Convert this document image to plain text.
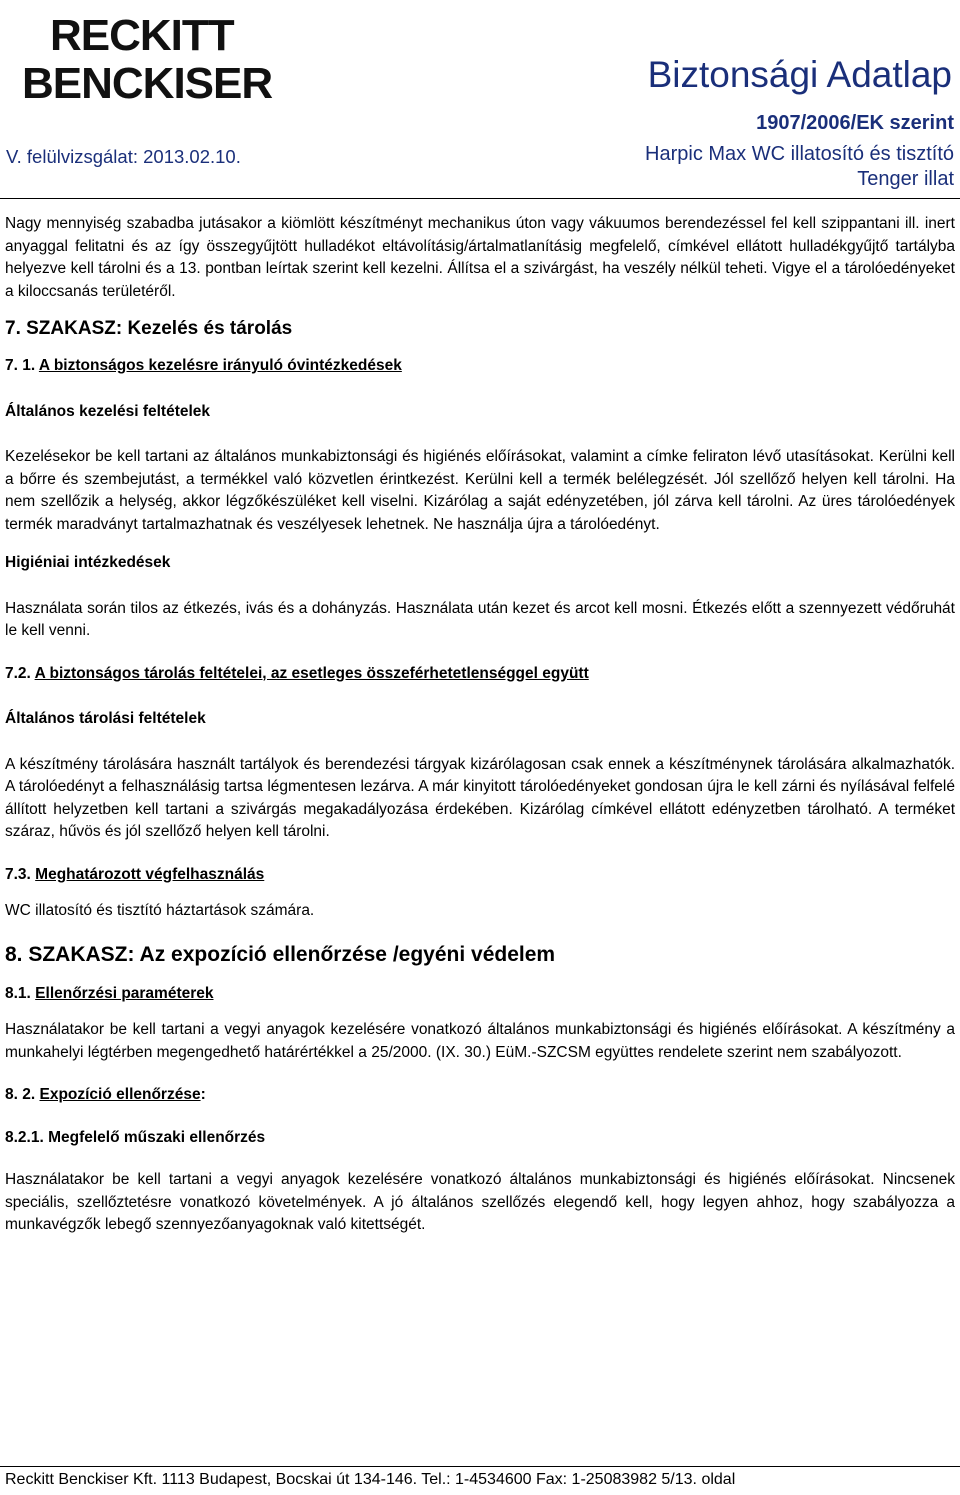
RECKITT
BENCKISER
V. felülvizsgálat: 2013.02.10.
Biztonsági Adatlap
1907/2006/EK szerint
Harpic Max WC illatosító és tisztító
Tenger illat

Nagy mennyiség szabadba jutásakor a kiömlött készítményt mechanikus úton vagy vákuumos berendezéssel fel kell szippantani ill. inert anyaggal felitatni és az így összegyűjtött hulladékot eltávolításig/ártalmatlanításig megfelelő, címkével ellátott hulladékgyűjtő tartályba helyezve kell tárolni és a 13. pontban leírtak szerint kell kezelni. Állítsa el a szivárgást, ha veszély nélkül teheti. Vigye el a tárolóedényeket a kiloccsanás területéről.

7. SZAKASZ: Kezelés és tárolás
7. 1. A biztonságos kezelésre irányuló óvintézkedések
Általános kezelési feltételek

Kezelésekor be kell tartani az általános munkabiztonsági és higiénés előírásokat, valamint a címke feliraton lévő utasításokat. Kerülni kell a bőrre és szembejutást, a termékkel való közvetlen érintkezést. Kerülni kell a termék belélegzését. Jól szellőző helyen kell tárolni. Ha nem szellőzik a helység, akkor légzőkészüléket kell viselni. Kizárólag a saját edényzetében, jól zárva kell tárolni. Az üres tárolóedények termék maradványt tartalmazhatnak és veszélyesek lehetnek. Ne használja újra a tárolóedényt.

Higiéniai intézkedések

Használata során tilos az étkezés, ivás és a dohányzás. Használata után kezet és arcot kell mosni. Étkezés előtt a szennyezett védőruhát le kell venni.

7.2. A biztonságos tárolás feltételei, az esetleges összeférhetetlenséggel együtt
Általános tárolási feltételek

A készítmény tárolására használt tartályok és berendezési tárgyak kizárólagosan csak ennek a készítménynek tárolására alkalmazhatók. A tárolóedényt a felhasználásig tartsa légmentesen lezárva. A már kinyitott tárolóedényeket gondosan újra le kell zárni és nyílásával felfelé állított helyzetben kell tartani a szivárgás megakadályozása érdekében. Kizárólag címkével ellátott edényzetben tárolható. A terméket száraz, hűvös és jól szellőző helyen kell tárolni.

7.3. Meghatározott végfelhasználás

WC illatosító és tisztító háztartások számára.

8. SZAKASZ: Az expozíció ellenőrzése /egyéni védelem
8.1. Ellenőrzési paraméterek

Használatakor be kell tartani a vegyi anyagok kezelésére vonatkozó általános munkabiztonsági és higiénés előírásokat. A készítmény a munkahelyi légtérben megengedhető határértékkel a 25/2000. (IX. 30.) EüM.-SZCSM együttes rendelete szerint nem szabályozott.

8. 2. Expozíció ellenőrzése:
8.2.1. Megfelelő műszaki ellenőrzés

Használatakor be kell tartani a vegyi anyagok kezelésére vonatkozó általános munkabiztonsági és higiénés előírásokat. Nincsenek speciális, szellőztetésre vonatkozó követelmények. A jó általános szellőzés elegendő kell, hogy legyen ahhoz, hogy szabályozza a munkavégzők lebegő szennyezőanyagoknak való kitettségét.

Reckitt Benckiser Kft. 1113 Budapest, Bocskai út 134-146. Tel.: 1-4534600 Fax: 1-25083982 5/13. oldal
